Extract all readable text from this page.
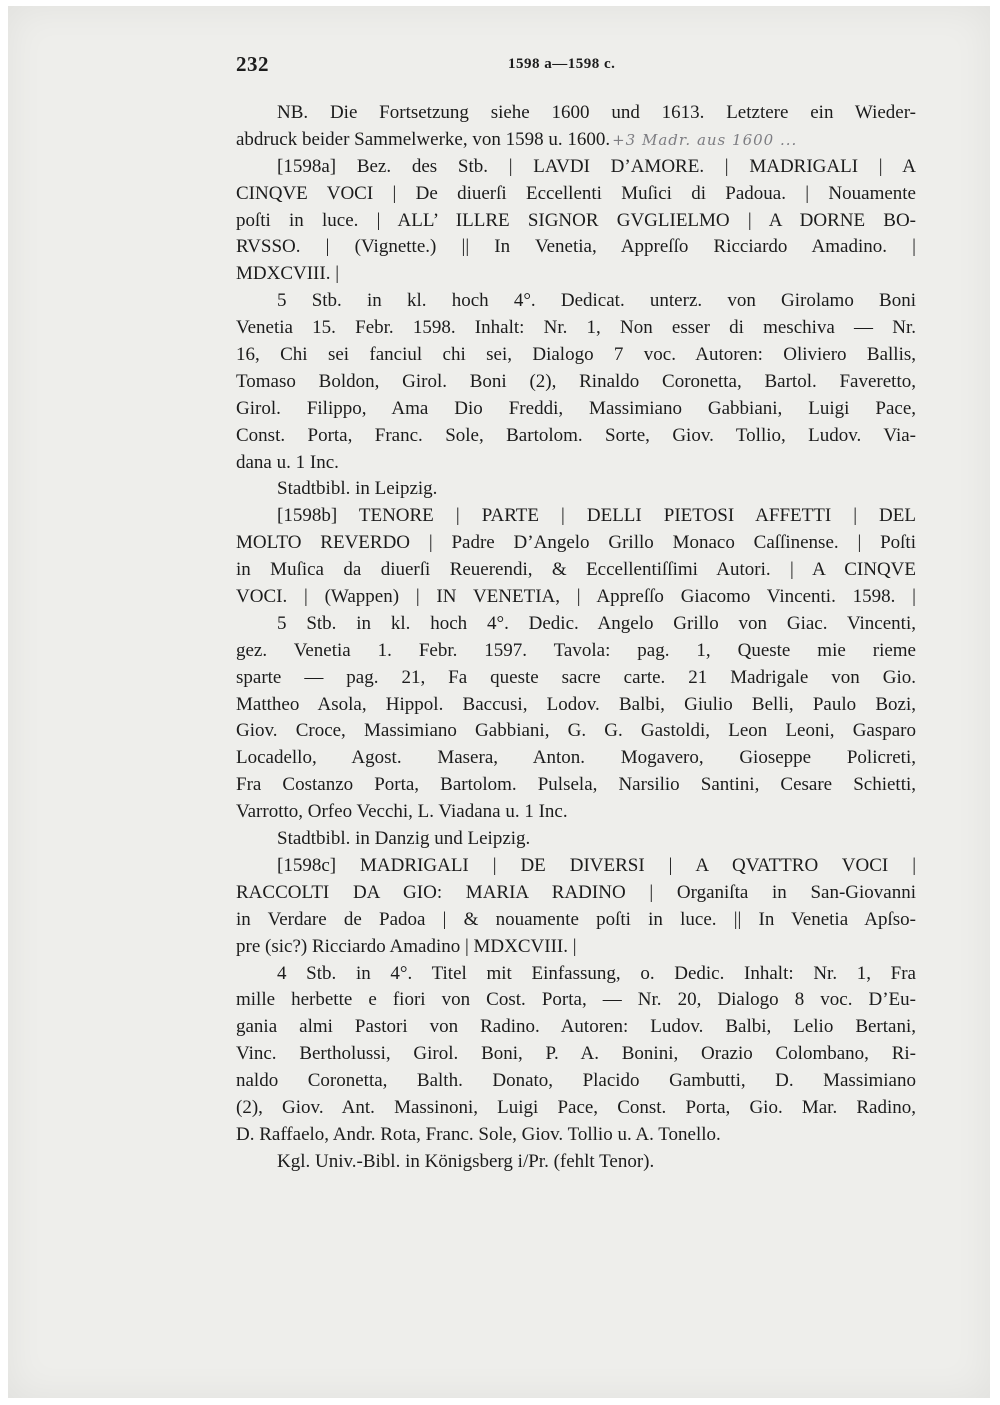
232	1598 a—1598 c.
NB. Die Fortsetzung siehe 1600 und 1613. Letztere ein Wieder-
abdruck beider Sammelwerke, von 1598 u. 1600. +3 Madr. aus 1600 ...
[1598a] Bez. des Stb. | LAVDI D’AMORE. | MADRIGALI | A
CINQVE VOCI | De diuerſi Eccellenti Muſici di Padoua. | Nouamente
poſti in luce. | ALL’ ILLRE SIGNOR GVGLIELMO | A DORNE BO-
RVSSO. | (Vignette.) || In Venetia, Appreſſo Ricciardo Amadino. |
MDXCVIII. |
5 Stb. in kl. hoch 4°. Dedicat. unterz. von Girolamo Boni
Venetia 15. Febr. 1598. Inhalt: Nr. 1, Non esser di meschiva — Nr.
16, Chi sei fanciul chi sei, Dialogo 7 voc. Autoren: Oliviero Ballis,
Tomaso Boldon, Girol. Boni (2), Rinaldo Coronetta, Bartol. Faveretto,
Girol. Filippo, Ama Dio Freddi, Massimiano Gabbiani, Luigi Pace,
Const. Porta, Franc. Sole, Bartolom. Sorte, Giov. Tollio, Ludov. Via-
dana u. 1 Inc.
Stadtbibl. in Leipzig.
[1598b] TENORE | PARTE | DELLI PIETOSI AFFETTI | DEL
MOLTO REVERDO | Padre D’Angelo Grillo Monaco Caſſinense. | Poſti
in Muſica da diuerſi Reuerendi, & Eccellentiſſimi Autori. | A CINQVE
VOCI. | (Wappen) | IN VENETIA, | Appreſſo Giacomo Vincenti. 1598. |
5 Stb. in kl. hoch 4°. Dedic. Angelo Grillo von Giac. Vincenti,
gez. Venetia 1. Febr. 1597. Tavola: pag. 1, Queste mie rieme
sparte — pag. 21, Fa queste sacre carte. 21 Madrigale von Gio.
Mattheo Asola, Hippol. Baccusi, Lodov. Balbi, Giulio Belli, Paulo Bozi,
Giov. Croce, Massimiano Gabbiani, G. G. Gastoldi, Leon Leoni, Gasparo
Locadello, Agost. Masera, Anton. Mogavero, Gioseppe Policreti,
Fra Costanzo Porta, Bartolom. Pulsela, Narsilio Santini, Cesare Schietti,
Varrotto, Orfeo Vecchi, L. Viadana u. 1 Inc.
Stadtbibl. in Danzig und Leipzig.
[1598c] MADRIGALI | DE DIVERSI | A QVATTRO VOCI |
RACCOLTI DA GIO: MARIA RADINO | Organiſta in San-Giovanni
in Verdare de Padoa | & nouamente poſti in luce. || In Venetia Apſso-
pre (sic?) Ricciardo Amadino | MDXCVIII. |
4 Stb. in 4°. Titel mit Einfassung, o. Dedic. Inhalt: Nr. 1, Fra
mille herbette e fiori von Cost. Porta, — Nr. 20, Dialogo 8 voc. D’Eu-
gania almi Pastori von Radino. Autoren: Ludov. Balbi, Lelio Bertani,
Vinc. Bertholussi, Girol. Boni, P. A. Bonini, Orazio Colombano, Ri-
naldo Coronetta, Balth. Donato, Placido Gambutti, D. Massimiano
(2), Giov. Ant. Massinoni, Luigi Pace, Const. Porta, Gio. Mar. Radino,
D. Raffaelo, Andr. Rota, Franc. Sole, Giov. Tollio u. A. Tonello.
Kgl. Univ.-Bibl. in Königsberg i/Pr. (fehlt Tenor).
